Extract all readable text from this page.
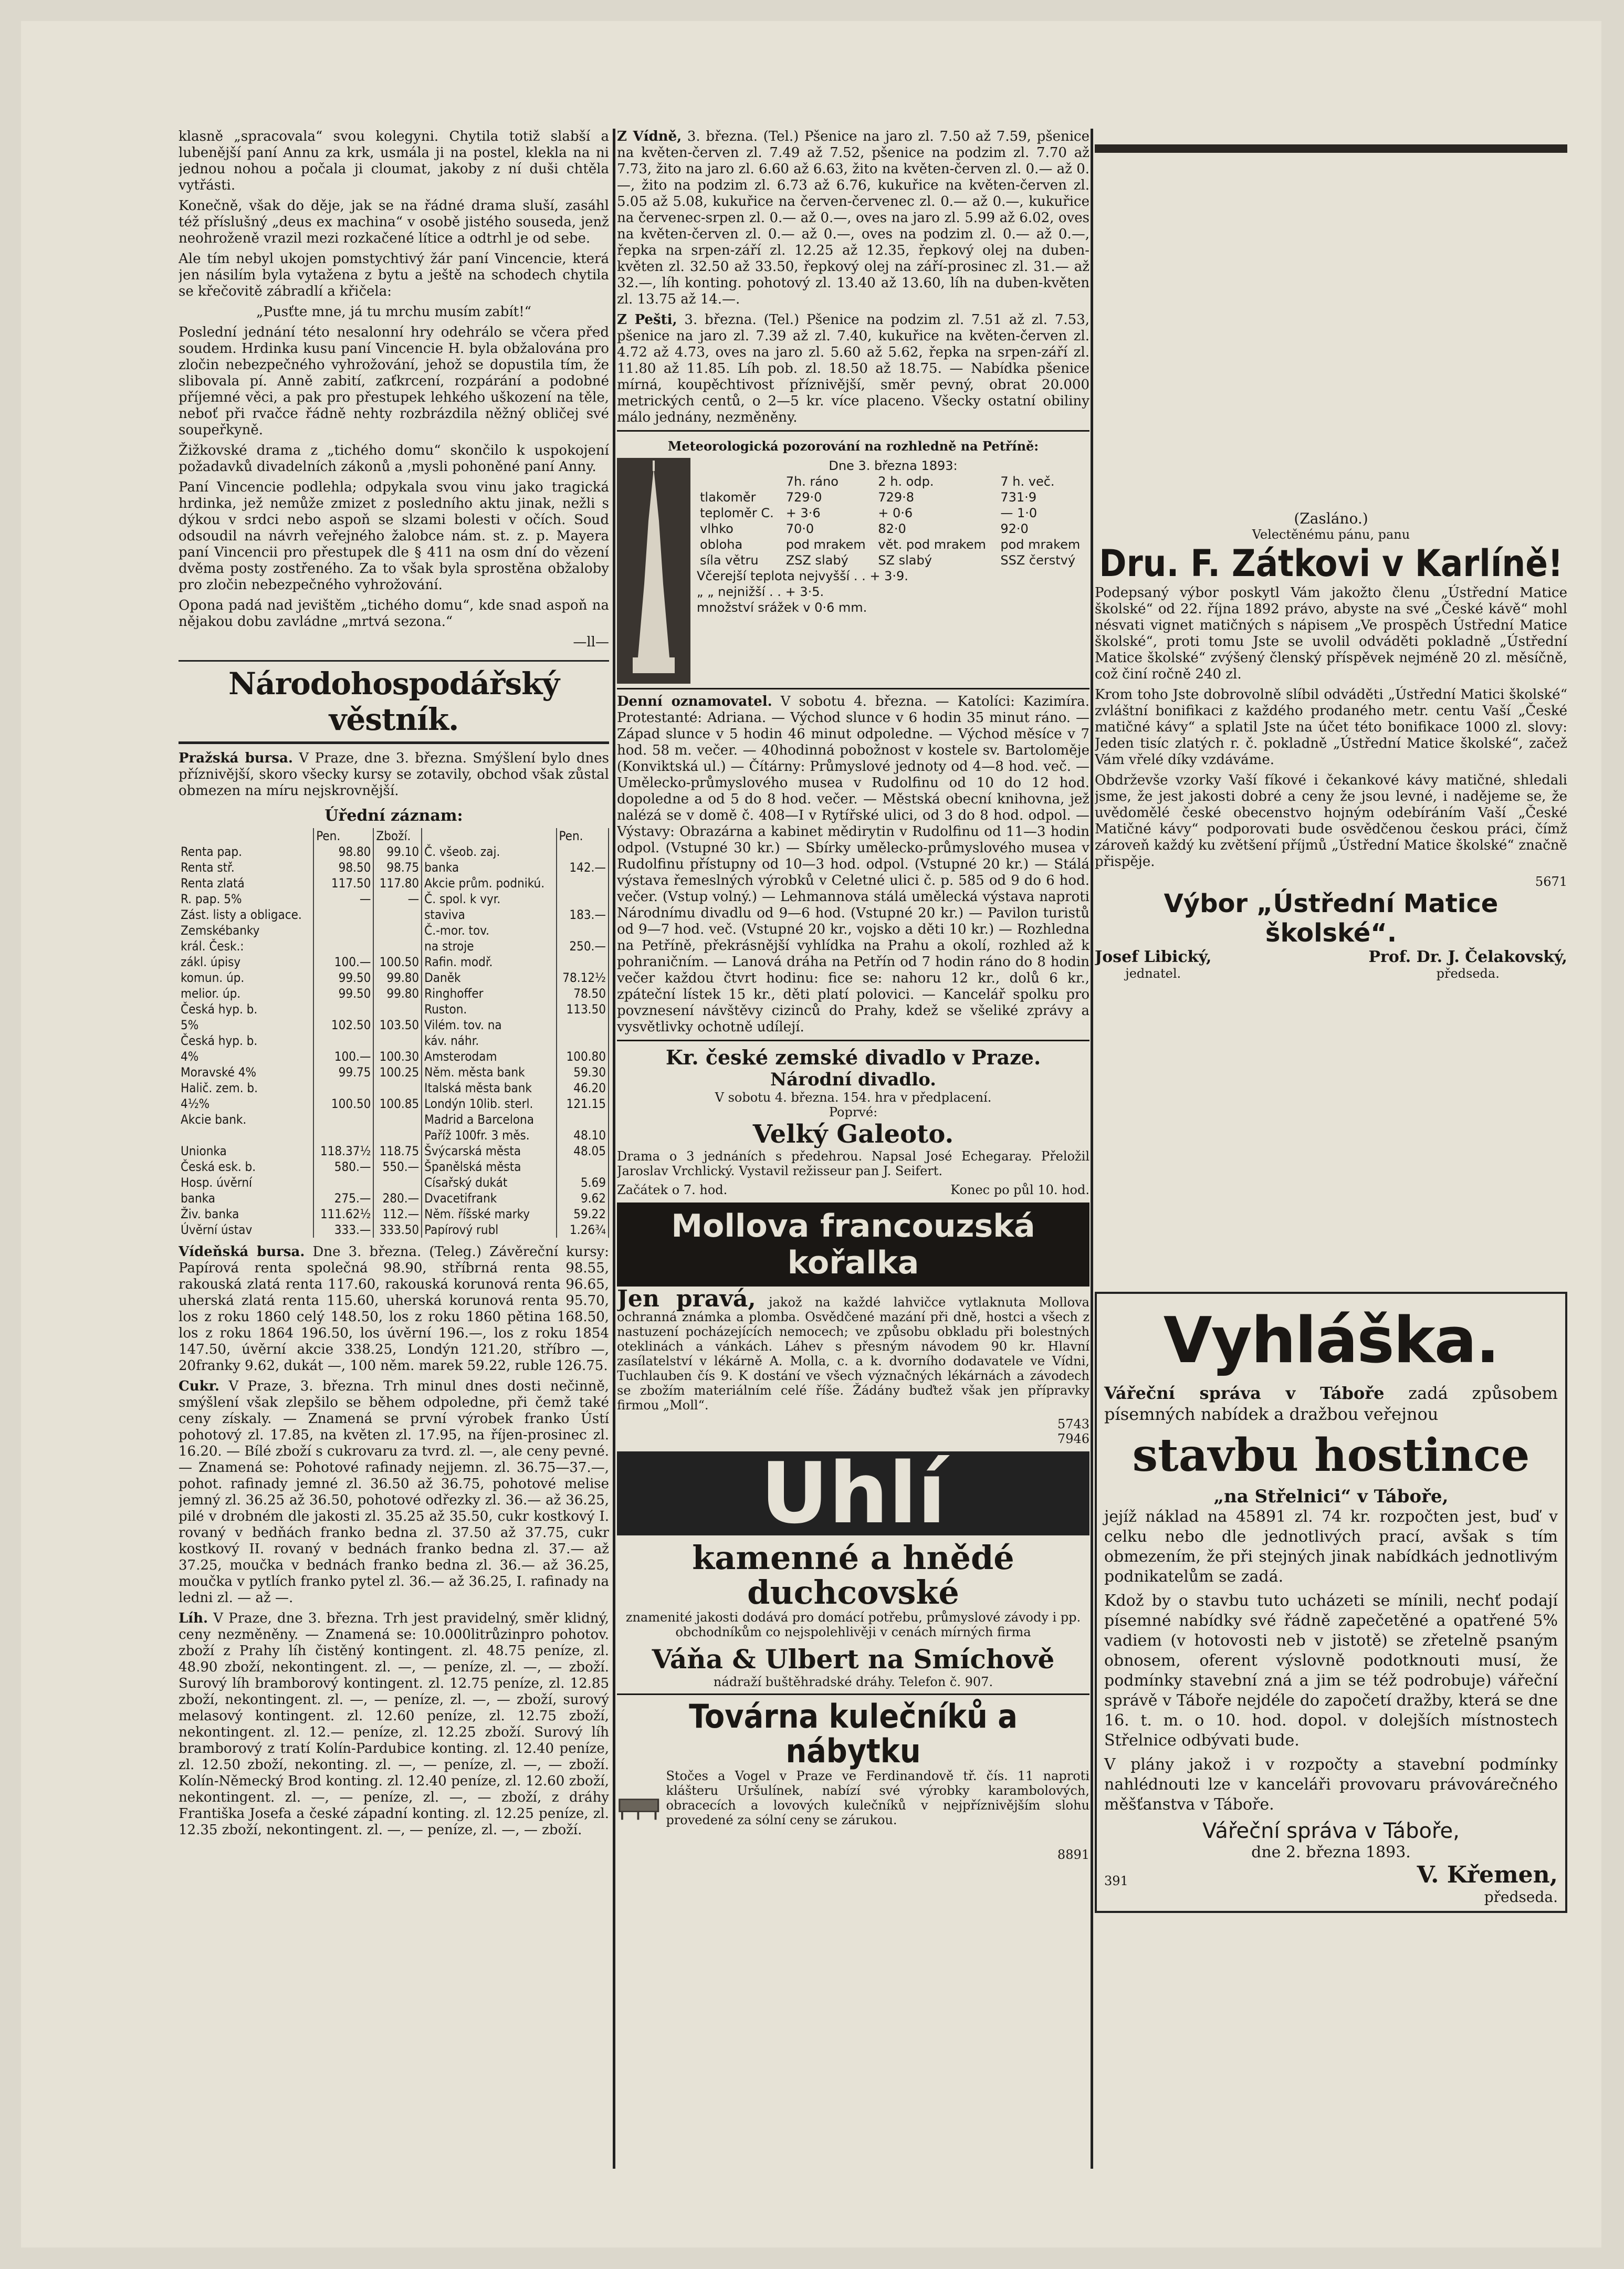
klasně „spracovala“ svou kolegyni. Chytila totiž slabší a lubenější paní Annu za krk, usmála ji na postel, klekla na ni jednou nohou a počala ji cloumat, jakoby z ní duši chtěla vytřásti.

Konečně, však do děje, jak se na řádné drama sluší, zasáhl též příslušný „deus ex machina“ v osobě jistého souseda, jenž neohroženě vrazil mezi rozkačené lítice a odtrhl je od sebe.

Ale tím nebyl ukojen pomstychtivý žár paní Vincencie, která jen násilím byla vytažena z bytu a ještě na schodech chytila se křečovitě zábradlí a křičela:

„Pusťte mne, já tu mrchu musím zabít!“

Poslední jednání této nesalonní hry odehrálo se včera před soudem. Hrdinka kusu paní Vincencie H. byla obžalována pro zločin nebezpečného vyhrožování, jehož se dopustila tím, že slibovala pí. Anně zabití, zaťkrcení, rozpárání a podobné příjemné věci, a pak pro přestupek lehkého uškození na těle, neboť při rvačce řádně nehty rozbrázdila něžný obličej své soupeřkyně.

Žižkovské drama z „tichého domu“ skončilo k uspokojení požadavků divadelních zákonů a ,mysli pohoněné paní Anny.

Paní Vincencie podlehla; odpykala svou vinu jako tragická hrdinka, jež nemůže zmizet z posledního aktu jinak, nežli s dýkou v srdci nebo aspoň se slzami bolesti v očích. Soud odsoudil na návrh veřejného žalobce nám. st. z. p. Mayera paní Vincencii pro přestupek dle § 411 na osm dní do vězení dvěma posty zostřeného. Za to však byla sprostěna obžaloby pro zločin nebezpečného vyhrožování.

Opona padá nad jevištěm „tichého domu“, kde snad aspoň na nějakou dobu zavládne „mrtvá sezona.“

—ll—

Národohospodářský věstník.

Pražská bursa. V Praze, dne 3. března. Smýšlení bylo dnes příznivější, skoro všecky kursy se zotavily, obchod však zůstal obmezen na míru nejskrovnější.

Úřední záznam:
	Pen.	Zboží.		Pen.
Renta pap.	98.80	99.10	Č. všeob. zaj.	
Renta stř.	98.50	98.75	banka	142.—
Renta zlatá	117.50	117.80	Akcie prům. podnikú.	
R. pap. 5%	—	—	Č. spol. k vyr.	
Zást. listy a obligace.			staviva	183.—
Zemskébanky			Č.-mor. tov.	
král. Česk.:			na stroje	250.—
zákl. úpisy	100.—	100.50	Rafin. modř.	
komun. úp.	99.50	99.80	Daněk	78.12½
melior. úp.	99.50	99.80	Ringhoffer	78.50
Česká hyp. b.			Ruston.	113.50
5%	102.50	103.50	Vilém. tov. na	
Česká hyp. b.			káv. náhr.	
4%	100.—	100.30	Amsterodam	100.80
Moravské 4%	99.75	100.25	Něm. města bank	59.30
Halič. zem. b.			Italská města bank	46.20
4½%	100.50	100.85	Londýn 10lib. sterl.	121.15
Akcie bank.			Madrid a Barcelona	
			Paříž 100fr. 3 měs.	48.10
Unionka	118.37½	118.75	Švýcarská města	48.05
Česká esk. b.	580.—	550.—	Španělská města	
Hosp. úvěrní			Císařský dukát	5.69
banka	275.—	280.—	Dvacetifrank	9.62
Živ. banka	111.62½	112.—	Něm. říšské marky	59.22
Úvěrní ústav	333.—	333.50	Papírový rubl	1.26¾

Vídeňská bursa. Dne 3. března. (Teleg.) Závěreční kursy: Papírová renta společná 98.90, stříbrná renta 98.55, rakouská zlatá renta 117.60, rakouská korunová renta 96.65, uherská zlatá renta 115.60, uherská korunová renta 95.70, los z roku 1860 celý 148.50, los z roku 1860 pětina 168.50, los z roku 1864 196.50, los úvěrní 196.—, los z roku 1854 147.50, úvěrní akcie 338.25, Londýn 121.20, stříbro —, 20franky 9.62, dukát —, 100 něm. marek 59.22, ruble 126.75.

Cukr. V Praze, 3. března. Trh minul dnes dosti nečinně, smýšlení však zlepšilo se během odpoledne, při čemž také ceny získaly. — Znamená se první výrobek franko Ústí pohotový zl. 17.85, na květen zl. 17.95, na říjen-prosinec zl. 16.20. — Bílé zboží s cukrovaru za tvrd. zl. —, ale ceny pevné. — Znamená se: Pohotové rafinady nejjemn. zl. 36.75—37.—, pohot. rafinady jemné zl. 36.50 až 36.75, pohotové melise jemný zl. 36.25 až 36.50, pohotové odřezky zl. 36.— až 36.25, pilé v drobném dle jakosti zl. 35.25 až 35.50, cukr kostkový I. rovaný v bedňách franko bedna zl. 37.50 až 37.75, cukr kostkový II. rovaný v bednách franko bedna zl. 37.— až 37.25, moučka v bednách franko bedna zl. 36.— až 36.25, moučka v pytlích franko pytel zl. 36.— až 36.25, I. rafinady na ledni zl. — až —.

Líh. V Praze, dne 3. března. Trh jest pravidelný, směr klidný, ceny nezměněny. — Znamená se: 10.000litrůzinpro pohotov. zboží z Prahy líh čistěný kontingent. zl. 48.75 peníze, zl. 48.90 zboží, nekontingent. zl. —, — peníze, zl. —, — zboží. Surový líh bramborový kontingent. zl. 12.75 peníze, zl. 12.85 zboží, nekontingent. zl. —, — peníze, zl. —, — zboží, surový melasový kontingent. zl. 12.60 peníze, zl. 12.75 zboží, nekontingent. zl. 12.— peníze, zl. 12.25 zboží. Surový líh bramborový z tratí Kolín-Pardubice konting. zl. 12.40 peníze, zl. 12.50 zboží, nekonting. zl. —, — peníze, zl. —, — zboží. Kolín-Německý Brod konting. zl. 12.40 peníze, zl. 12.60 zboží, nekontingent. zl. —, — peníze, zl. —, — zboží, z dráhy Františka Josefa a české západní konting. zl. 12.25 peníze, zl. 12.35 zboží, nekontingent. zl. —, — peníze, zl. —, — zboží.

Z Vídně, 3. března. (Tel.) Pšenice na jaro zl. 7.50 až 7.59, pšenice na květen-červen zl. 7.49 až 7.52, pšenice na podzim zl. 7.70 až 7.73, žito na jaro zl. 6.60 až 6.63, žito na květen-červen zl. 0.— až 0.—, žito na podzim zl. 6.73 až 6.76, kukuřice na květen-červen zl. 5.05 až 5.08, kukuřice na červen-červenec zl. 0.— až 0.—, kukuřice na červenec-srpen zl. 0.— až 0.—, oves na jaro zl. 5.99 až 6.02, oves na květen-červen zl. 0.— až 0.—, oves na podzim zl. 0.— až 0.—, řepka na srpen-září zl. 12.25 až 12.35, řepkový olej na duben-květen zl. 32.50 až 33.50, řepkový olej na září-prosinec zl. 31.— až 32.—, líh konting. pohotový zl. 13.40 až 13.60, líh na duben-květen zl. 13.75 až 14.—.

Z Pešti, 3. března. (Tel.) Pšenice na podzim zl. 7.51 až zl. 7.53, pšenice na jaro zl. 7.39 až zl. 7.40, kukuřice na květen-červen zl. 4.72 až 4.73, oves na jaro zl. 5.60 až 5.62, řepka na srpen-září zl. 11.80 až 11.85. Líh pob. zl. 18.50 až 18.75. — Nabídka pšenice mírná, koupěchtivost příznivější, směr pevný, obrat 20.000 metrických centů, o 2—5 kr. více placeno. Všecky ostatní obiliny málo jednány, nezměněny.

Meteorologická pozorování na rozhledně na Petříně:
Dne 3. března 1893:
	7h. ráno	2 h. odp.	7 h. več.
tlakoměr	729·0	729·8	731·9
teploměr C.	+ 3·6	+ 0·6	— 1·0
vlhko	70·0	82·0	92·0
obloha	pod mrakem	vět. pod mrakem	pod mrakem
síla větru	ZSZ slabý	SZ slabý	SSZ čerstvý
Včerejší teplota nejvyšší . . + 3·9.
„ „ nejnižší . . + 3·5.
množství srážek v 0·6 mm.

Denní oznamovatel. V sobotu 4. března. — Katolíci: Kazimíra. Protestanté: Adriana. — Východ slunce v 6 hodin 35 minut ráno. — Západ slunce v 5 hodin 46 minut odpoledne. — Východ měsíce v 7 hod. 58 m. večer. — 40hodinná pobožnost v kostele sv. Bartoloměje (Konviktská ul.) — Čítárny: Průmyslové jednoty od 4—8 hod. več. — Umělecko-průmyslového musea v Rudolfinu od 10 do 12 hod. dopoledne a od 5 do 8 hod. večer. — Městská obecní knihovna, jež nalézá se v domě č. 408—I v Rytířské ulici, od 3 do 8 hod. odpol. — Výstavy: Obrazárna a kabinet mědirytin v Rudolfinu od 11—3 hodin odpol. (Vstupné 30 kr.) — Sbírky umělecko-průmyslového musea v Rudolfinu přístupny od 10—3 hod. odpol. (Vstupné 20 kr.) — Stálá výstava řemeslných výrobků v Celetné ulici č. p. 585 od 9 do 6 hod. večer. (Vstup volný.) — Lehmannova stálá umělecká výstava naproti Národnímu divadlu od 9—6 hod. (Vstupné 20 kr.) — Pavilon turistů od 9—7 hod. več. (Vstupné 20 kr., vojsko a děti 10 kr.) — Rozhledna na Petříně, překrásnější vyhlídka na Prahu a okolí, rozhled až k pohraničním. — Lanová dráha na Petřín od 7 hodin ráno do 8 hodin večer každou čtvrt hodinu: fice se: nahoru 12 kr., dolů 6 kr., zpáteční lístek 15 kr., děti platí polovici. — Kancelář spolku pro povznesení návštěvy cizinců do Prahy, kdež se všeliké zprávy a vysvětlivky ochotně udílejí.

Kr. české zemské divadlo v Praze.
Národní divadlo.
V sobotu 4. března. 154. hra v předplacení.
Poprvé:
Velký Galeoto.

Drama o 3 jednáních s předehrou. Napsal José Echegaray. Přeložil Jaroslav Vrchlický. Vystavil režisseur pan J. Seifert.

Začátek o 7. hod.	Konec po půl 10. hod.
Mollova francouzská kořalka

Jen pravá, jakož na každé lahvičce vytlaknuta Mollova ochranná známka a plomba. Osvědčené mazání při dně, hostci a všech z nastuzení pocházejících nemocech; ve způsobu obkladu při bolestných oteklinách a vánkách. Láhev s přesným návodem 90 kr. Hlavní zasílatelství v lékárně A. Molla, c. a k. dvorního dodavatele ve Vídni, Tuchlauben čís 9. K dostání ve všech význačných lékárnách a závodech se zbožím materiálním celé říše. Žádány buďtež však jen přípravky firmou „Moll“.

5743
7946
Uhlí
kamenné a hnědé duchcovské

znamenité jakosti dodává pro domácí potřebu, průmyslové závody i pp. obchodníkům co nejspolehlivěji v cenách mírných firma

Váňa & Ulbert na Smíchově
nádraží buštěhradské dráhy. Telefon č. 907.
Továrna kulečníků a nábytku

Stočes a Vogel v Praze ve Ferdinandově tř. čís. 11 naproti klášteru Uršulínek, nabízí své výrobky karambolových, obracecích a lovových kulečníků v nejpříznivějším slohu provedené za sólní ceny se zárukou.

8891
(Zasláno.)
Velectěnému pánu, panu
Dru. F. Zátkovi v Karlíně!

Podepsaný výbor poskytl Vám jakožto členu „Ústřední Matice školské“ od 22. října 1892 právo, abyste na své „České kávě“ mohl nésvati vignet matičných s nápisem „Ve prospěch Ústřední Matice školské“, proti tomu Jste se uvolil odváděti pokladně „Ústřední Matice školské“ zvýšený členský příspěvek nejméně 20 zl. měsíčně, což činí ročně 240 zl.

Krom toho Jste dobrovolně slíbil odváděti „Ústřední Matici školské“ zvláštní bonifikaci z každého prodaného metr. centu Vaší „České matičné kávy“ a splatil Jste na účet této bonifikace 1000 zl. slovy: Jeden tisíc zlatých r. č. pokladně „Ústřední Matice školské“, začež Vám vřelé díky vzdáváme.

Obdrževše vzorky Vaší fíkové i čekankové kávy matičné, shledali jsme, že jest jakosti dobré a ceny že jsou levné, i nadějeme se, že uvědomělé české obecenstvo hojným odebíráním Vaší „České Matičné kávy“ podporovati bude osvědčenou českou práci, čímž zároveň každý ku zvětšení příjmů „Ústřední Matice školské“ značně přispěje.

5671
Výbor „Ústřední Matice školské“.
Josef Libický,
jednatel.
Prof. Dr. J. Čelakovský,
předseda.
Vyhláška.

Vářeční správa v Táboře zadá způsobem písemných nabídek a dražbou veřejnou

stavbu hostince
„na Střelnici“ v Táboře,

jejíž náklad na 45891 zl. 74 kr. rozpočten jest, buď v celku nebo dle jednotlivých prací, avšak s tím obmezením, že při stejných jinak nabídkách jednotlivým podnikatelům se zadá.

Kdož by o stavbu tuto ucházeti se mínili, nechť podají písemné nabídky své řádně zapečetěné a opatřené 5% vadiem (v hotovosti neb v jistotě) se zřetelně psaným obnosem, oferent výslovně podotknouti musí, že podmínky stavební zná a jim se též podrobuje) vářeční správě v Táboře nejdéle do započetí dražby, která se dne 16. t. m. o 10. hod. dopol. v dolejších místnostech Střelnice odbývati bude.

V plány jakož i v rozpočty a stavební podmínky nahlédnouti lze v kanceláři provovaru právovárečného měšťanstva v Táboře.

Vářeční správa v Táboře,
dne 2. března 1893.
391	V. Křemen,
předseda.
